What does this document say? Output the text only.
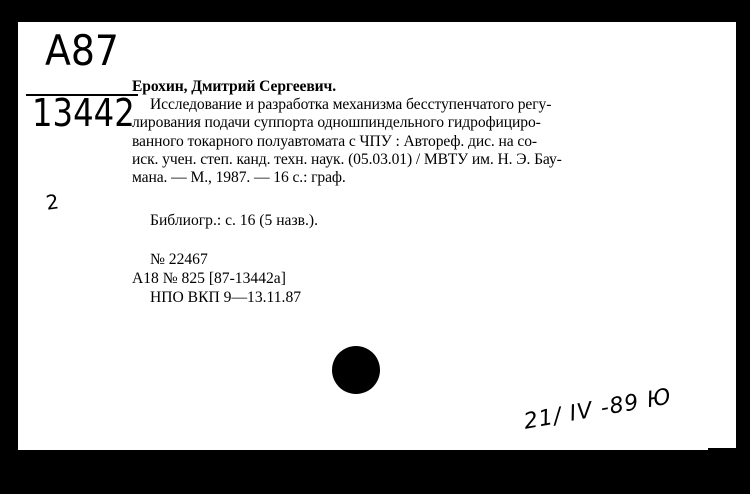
А87
13442
2
Ерохин, Дмитрий Сергеевич.
Исследование и разработка механизма бесступенчатого регу-
лирования подачи суппорта одношпиндельного гидрофицирo-
ванного токарного полуавтомата с ЧПУ : Автореф. дис. на со-
иск. учен. степ. канд. техн. наук. (05.03.01) / МВТУ им. Н. Э. Бау-
мана. — М., 1987. — 16 с.: граф.
Библиогр.: с. 16 (5 назв.).
№ 22467
А18 № 825 [87-13442а]
НПО ВКП 9—13.11.87
21/ IV -89 Ю
